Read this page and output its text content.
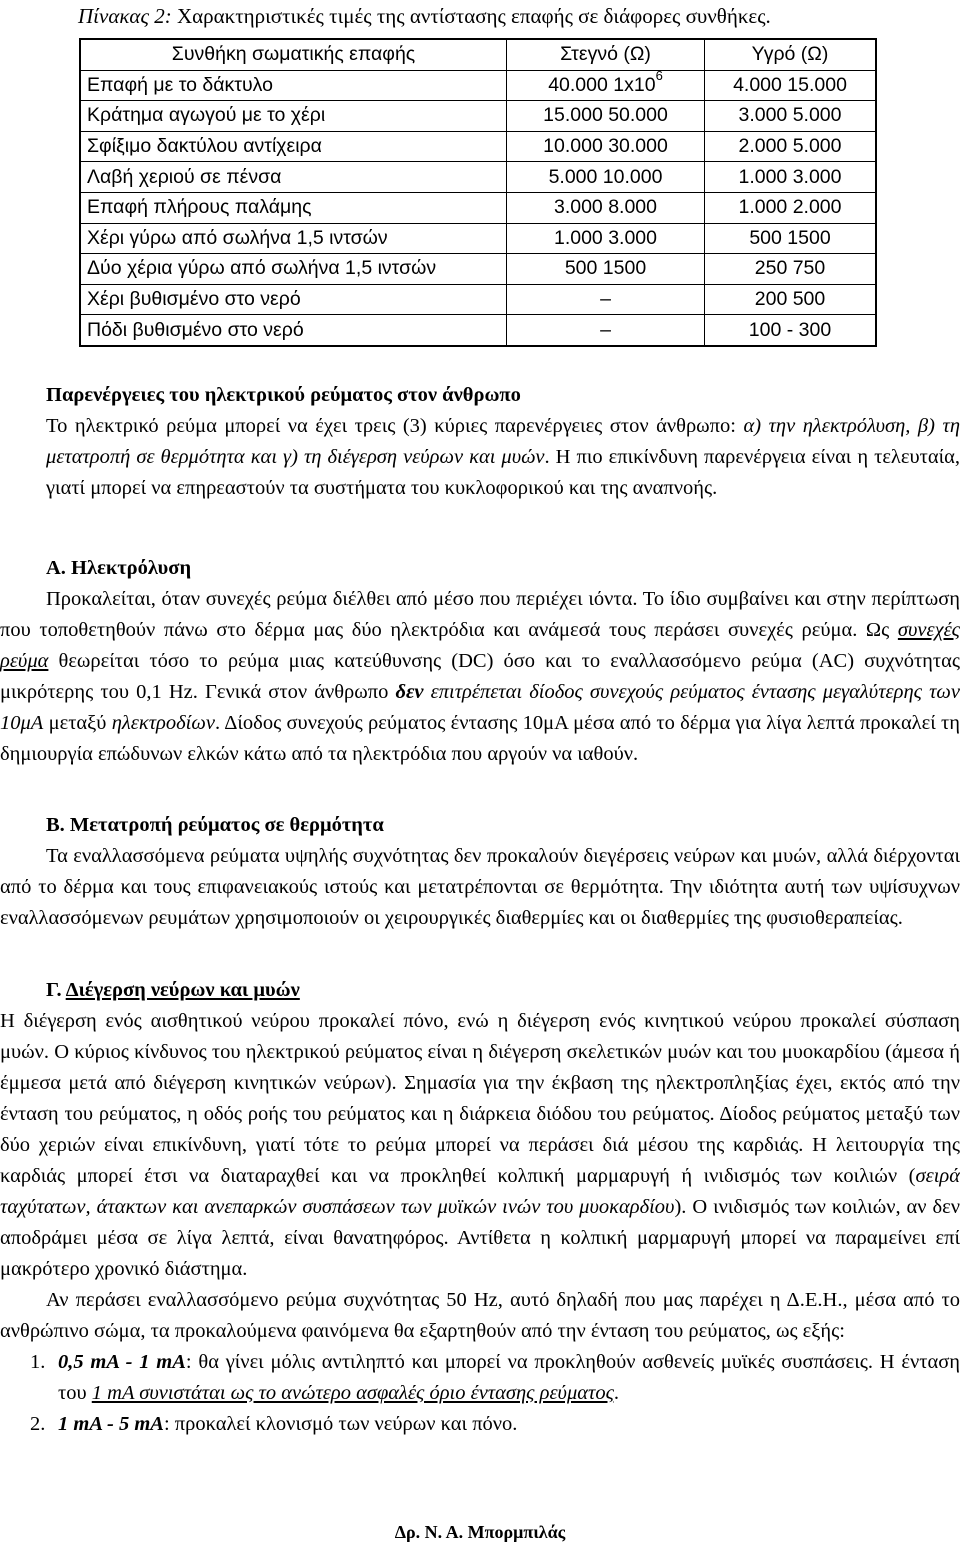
Πίνακας 2: Χαρακτηριστικές τιμές της αντίστασης επαφής σε διάφορες συνθήκες.
Συνθήκη σωματικής επαφής	Στεγνό (Ω)	Υγρό (Ω)
Επαφή με το δάκτυλο	40.000 $1x10^6$	4.000 15.000
Κράτημα αγωγού με το χέρι	15.000 50.000	3.000 5.000
Σφίξιμο δακτύλου αντίχειρα	10.000 30.000	2.000 5.000
Λαβή χεριού σε πένσα	5.000 10.000	1.000 3.000
Επαφή πλήρους παλάμης	3.000 8.000	1.000 2.000
Χέρι γύρω από σωλήνα 1,5 ιντσών	1.000 3.000	500 1500
Δύο χέρια γύρω από σωλήνα 1,5 ιντσών	500 1500	250 750
Χέρι βυθισμένο στο νερό	–	200 500
Πόδι βυθισμένο στο νερό	–	100 - 300
Παρενέργειες του ηλεκτρικού ρεύματος στον άνθρωπο
Το ηλεκτρικό ρεύμα μπορεί να έχει τρεις (3) κύριες παρενέργειες στον άνθρωπο: α) την ηλεκτρόλυση, β) τη μετατροπή σε θερμότητα και γ) τη διέγερση νεύρων και μυών. Η πιο επικίνδυνη παρενέργεια είναι η τελευταία, γιατί μπορεί να επηρεαστούν τα συστήματα του κυκλοφορικού και της αναπνοής.
Α. Ηλεκτρόλυση
Προκαλείται, όταν συνεχές ρεύμα διέλθει από μέσο που περιέχει ιόντα. Το ίδιο συμβαίνει και στην περίπτωση που τοποθετηθούν πάνω στο δέρμα μας δύο ηλεκτρόδια και ανάμεσά τους περάσει συνεχές ρεύμα. Ως συνεχές ρεύμα θεωρείται τόσο το ρεύμα μιας κατεύθυνσης (DC) όσο και το εναλλασσόμενο ρεύμα (AC) συχνότητας μικρότερης του 0,1 Hz. Γενικά στον άνθρωπο δεν επιτρέπεται δίοδος συνεχούς ρεύματος έντασης μεγαλύτερης των 10μA μεταξύ ηλεκτροδίων. Δίοδος συνεχούς ρεύματος έντασης 10μA μέσα από το δέρμα για λίγα λεπτά προκαλεί τη δημιουργία επώδυνων ελκών κάτω από τα ηλεκτρόδια που αργούν να ιαθούν.
Β. Μετατροπή ρεύματος σε θερμότητα
Τα εναλλασσόμενα ρεύματα υψηλής συχνότητας δεν προκαλούν διεγέρσεις νεύρων και μυών, αλλά διέρχονται από το δέρμα και τους επιφανειακούς ιστούς και μετατρέπονται σε θερμότητα. Την ιδιότητα αυτή των υψίσυχνων εναλλασσόμενων ρευμάτων χρησιμοποιούν οι χειρουργικές διαθερμίες και οι διαθερμίες της φυσιοθεραπείας.
Γ. Διέγερση νεύρων και μυών
Η διέγερση ενός αισθητικού νεύρου προκαλεί πόνο, ενώ η διέγερση ενός κινητικού νεύρου προκαλεί σύσπαση μυών. Ο κύριος κίνδυνος του ηλεκτρικού ρεύματος είναι η διέγερση σκελετικών μυών και του μυοκαρδίου (άμεσα ή έμμεσα μετά από διέγερση κινητικών νεύρων). Σημασία για την έκβαση της ηλεκτροπληξίας έχει, εκτός από την ένταση του ρεύματος, η οδός ροής του ρεύματος και η διάρκεια διόδου του ρεύματος. Δίοδος ρεύματος μεταξύ των δύο χεριών είναι επικίνδυνη, γιατί τότε το ρεύμα μπορεί να περάσει διά μέσου της καρδιάς. Η λειτουργία της καρδιάς μπορεί έτσι να διαταραχθεί και να προκληθεί κολπική μαρμαρυγή ή ινιδισμός των κοιλιών (σειρά ταχύτατων, άτακτων και ανεπαρκών συσπάσεων των μυϊκών ινών του μυοκαρδίου). Ο ινιδισμός των κοιλιών, αν δεν αποδράμει μέσα σε λίγα λεπτά, είναι θανατηφόρος. Αντίθετα η κολπική μαρμαρυγή μπορεί να παραμείνει επί μακρότερο χρονικό διάστημα.
Αν περάσει εναλλασσόμενο ρεύμα συχνότητας 50 Hz, αυτό δηλαδή που μας παρέχει η Δ.Ε.Η., μέσα από το ανθρώπινο σώμα, τα προκαλούμενα φαινόμενα θα εξαρτηθούν από την ένταση του ρεύματος, ως εξής:
1. 0,5 mA - 1 mA: θα γίνει μόλις αντιληπτό και μπορεί να προκληθούν ασθενείς μυϊκές συσπάσεις. Η ένταση του 1 mA συνιστάται ως το ανώτερο ασφαλές όριο έντασης ρεύματος.
2. 1 mA - 5 mA: προκαλεί κλονισμό των νεύρων και πόνο.
Δρ. Ν. Α. Μπορμπιλάς
